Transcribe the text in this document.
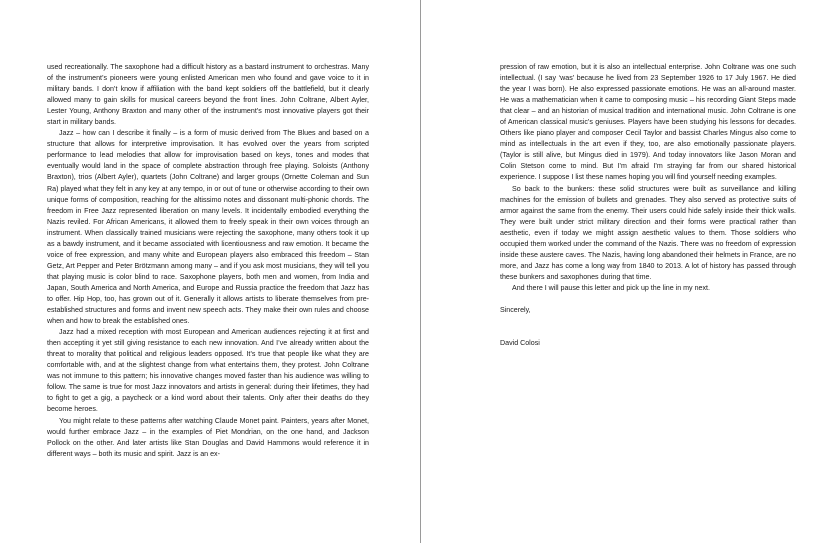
used recreationally. The saxophone had a difficult history as a bastard instrument to orchestras. Many of the instrument’s pioneers were young enlisted American men who found and gave voice to it in military bands. I don’t know if affiliation with the band kept soldiers off the battlefield, but it clearly allowed many to gain skills for musical careers beyond the front lines. John Coltrane, Albert Ayler, Lester Young, Anthony Braxton and many other of the instrument’s most innovative players got their start in military bands.

Jazz – how can I describe it finally – is a form of music derived from The Blues and based on a structure that allows for interpretive improvisation. It has evolved over the years from scripted performance to lead melodies that allow for improvisation based on keys, tones and modes that eventually would land in the space of complete abstraction through free playing. Soloists (Anthony Braxton), trios (Albert Ayler), quartets (John Coltrane) and larger groups (Ornette Coleman and Sun Ra) played what they felt in any key at any tempo, in or out of tune or otherwise according to their own unique forms of composition, reaching for the altissimo notes and dissonant multi-phonic chords. The freedom in Free Jazz represented liberation on many levels. It incidentally embodied everything the Nazis reviled. For African Americans, it allowed them to freely speak in their own voices through an instrument. When classically trained musicians were rejecting the saxophone, many others took it up as a bawdy instrument, and it became associated with licentiousness and raw emotion. It became the voice of free expression, and many white and European players also embraced this freedom – Stan Getz, Art Pepper and Peter Brötzmann among many – and if you ask most musicians, they will tell you that playing music is color blind to race. Saxophone players, both men and women, from India and Japan, South America and North America, and Europe and Russia practice the freedom that Jazz has to offer. Hip Hop, too, has grown out of it. Generally it allows artists to liberate themselves from pre-established structures and forms and invent new speech acts. They make their own rules and choose when and how to break the established ones.

Jazz had a mixed reception with most European and American audiences rejecting it at first and then accepting it yet still giving resistance to each new innovation. And I’ve already written about the threat to morality that political and religious leaders opposed. It’s true that people like what they are comfortable with, and at the slightest change from what entertains them, they protest. John Coltrane was not immune to this pattern; his innovative changes moved faster than his audience was willing to follow. The same is true for most Jazz innovators and artists in general: during their lifetimes, they had to fight to get a gig, a paycheck or a kind word about their talents. Only after their deaths do they become heroes.

You might relate to these patterns after watching Claude Monet paint. Painters, years after Monet, would further embrace Jazz – in the examples of Piet Mondrian, on the one hand, and Jackson Pollock on the other. And later artists like Stan Douglas and David Hammons would reference it in different ways – both its music and spirit. Jazz is an ex-

pression of raw emotion, but it is also an intellectual enterprise. John Coltrane was one such intellectual. (I say ‘was’ because he lived from 23 September 1926 to 17 July 1967. He died the year I was born). He also expressed passionate emotions. He was an all-around master. He was a mathematician when it came to composing music – his recording Giant Steps made that clear – and an historian of musical tradition and international music. John Coltrane is one of American classical music’s geniuses. Players have been studying his lessons for decades. Others like piano player and composer Cecil Taylor and bassist Charles Mingus also come to mind as intellectuals in the art even if they, too, are also emotionally passionate players. (Taylor is still alive, but Mingus died in 1979). And today innovators like Jason Moran and Colin Stetson come to mind. But I’m afraid I’m straying far from our shared historical experience. I suppose I list these names hoping you will find yourself needing examples.

So back to the bunkers: these solid structures were built as surveillance and killing machines for the emission of bullets and grenades. They also served as protective suits of armor against the same from the enemy. Their users could hide safely inside their thick walls. They were built under strict military direction and their forms were practical rather than aesthetic, even if today we might assign aesthetic values to them. Those soldiers who occupied them worked under the command of the Nazis. There was no freedom of expression inside these austere caves. The Nazis, having long abandoned their helmets in France, are no more, and Jazz has come a long way from 1840 to 2013. A lot of history has passed through these bunkers and saxophones during that time.

And there I will pause this letter and pick up the line in my next.

Sincerely,

David Colosi
